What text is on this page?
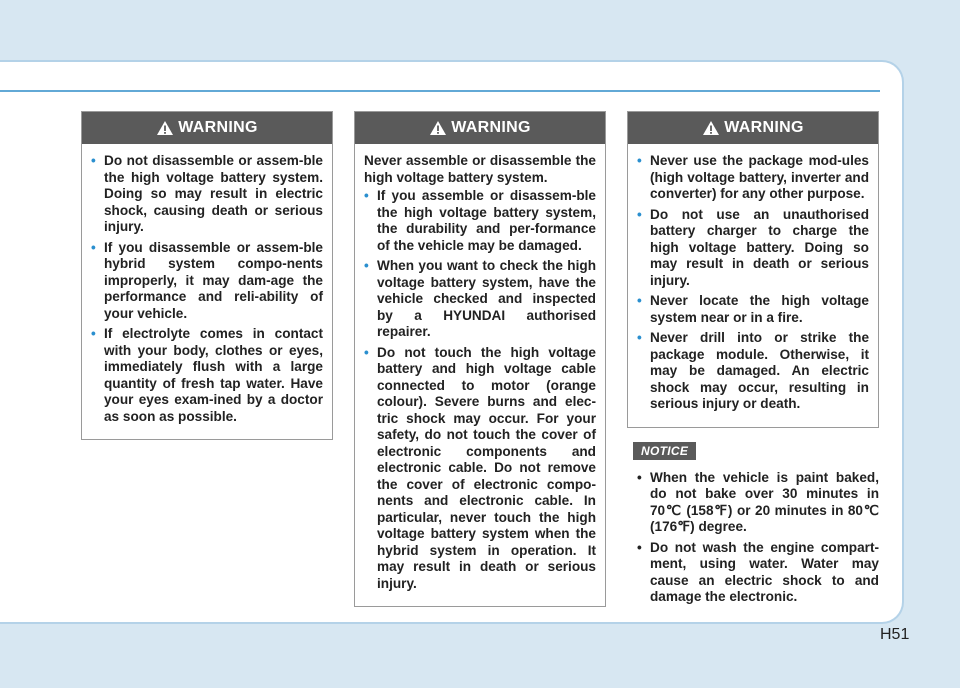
WARNING
• Do not disassemble or assem-ble the high voltage battery system. Doing so may result in electric shock, causing death or serious injury.
• If you disassemble or assem-ble hybrid system compo-nents improperly, it may dam-age the performance and reli-ability of your vehicle.
• If electrolyte comes in contact with your body, clothes or eyes, immediately flush with a large quantity of fresh tap water. Have your eyes exam-ined by a doctor as soon as possible.
WARNING

Never assemble or disassemble the high voltage battery system.

• If you assemble or disassem-ble the high voltage battery system, the durability and per-formance of the vehicle may be damaged.
• When you want to check the high voltage battery system, have the vehicle checked and inspected by a HYUNDAI authorised repairer.
• Do not touch the high voltage battery and high voltage cable connected to motor (orange colour). Severe burns and elec-tric shock may occur. For your safety, do not touch the cover of electronic components and electronic cable. Do not remove the cover of electronic compo-nents and electronic cable. In particular, never touch the high voltage battery system when the hybrid system in operation. It may result in death or serious injury.
WARNING
• Never use the package mod-ules (high voltage battery, inverter and converter) for any other purpose.
• Do not use an unauthorised battery charger to charge the high voltage battery. Doing so may result in death or serious injury.
• Never locate the high voltage system near or in a fire.
• Never drill into or strike the package module. Otherwise, it may be damaged. An electric shock may occur, resulting in serious injury or death.
NOTICE
• When the vehicle is paint baked, do not bake over 30 minutes in 70℃ (158℉) or 20 minutes in 80℃ (176℉) degree.
• Do not wash the engine compart-ment, using water. Water may cause an electric shock to and damage the electronic.
H51
